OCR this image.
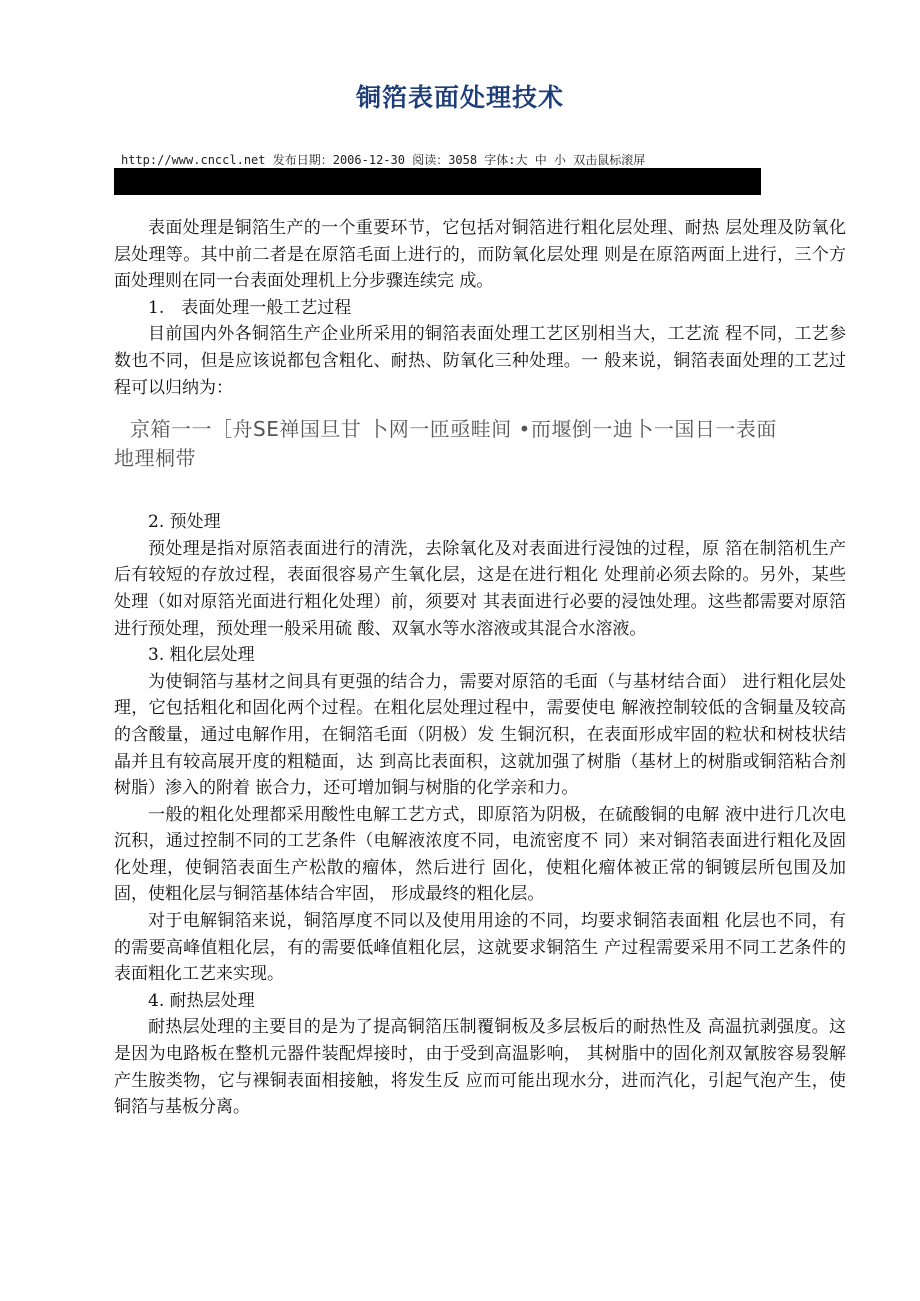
铜箔表面处理技术
http://www.cnccl.net 发布日期：2006-12-30 阅读：3058 字体:大 中 小 双击鼠标滚屏

表面处理是铜箔生产的一个重要环节，它包括对铜箔进行粗化层处理、耐热 层处理及防氧化层处理等。其中前二者是在原箔毛面上进行的，而防氧化层处理 则是在原箔两面上进行，三个方面处理则在同一台表面处理机上分步骤连续完 成。

1.　表面处理一般工艺过程

目前国内外各铜箔生产企业所采用的铜箔表面处理工艺区别相当大，工艺流 程不同，工艺参数也不同，但是应该说都包含粗化、耐热、防氧化三种处理。一 般来说，铜箔表面处理的工艺过程可以归纳为：

京箱一一［舟SE禅国旦甘 卜网一匝亟畦间 •而堰倒一迪卜一国日一表面
地理桐带
2. 预处理

预处理是指对原箔表面进行的清洗，去除氧化及对表面进行浸蚀的过程，原 箔在制箔机生产后有较短的存放过程，表面很容易产生氧化层，这是在进行粗化 处理前必须去除的。另外，某些处理（如对原箔光面进行粗化处理）前，须要对 其表面进行必要的浸蚀处理。这些都需要对原箔进行预处理，预处理一般采用硫 酸、双氧水等水溶液或其混合水溶液。

3. 粗化层处理

为使铜箔与基材之间具有更强的结合力，需要对原箔的毛面（与基材结合面） 进行粗化层处理，它包括粗化和固化两个过程。在粗化层处理过程中，需要使电 解液控制较低的含铜量及较高的含酸量，通过电解作用，在铜箔毛面（阴极）发 生铜沉积，在表面形成牢固的粒状和树枝状结晶并且有较高展开度的粗糙面，达 到高比表面积，这就加强了树脂（基材上的树脂或铜箔粘合剂树脂）渗入的附着 嵌合力，还可增加铜与树脂的化学亲和力。

一般的粗化处理都采用酸性电解工艺方式，即原箔为阴极，在硫酸铜的电解 液中进行几次电沉积，通过控制不同的工艺条件（电解液浓度不同，电流密度不 同）来对铜箔表面进行粗化及固化处理，使铜箔表面生产松散的瘤体，然后进行 固化，使粗化瘤体被正常的铜镀层所包围及加固，使粗化层与铜箔基体结合牢固， 形成最终的粗化层。

对于电解铜箔来说，铜箔厚度不同以及使用用途的不同，均要求铜箔表面粗 化层也不同，有的需要高峰值粗化层，有的需要低峰值粗化层，这就要求铜箔生 产过程需要采用不同工艺条件的表面粗化工艺来实现。

4. 耐热层处理

耐热层处理的主要目的是为了提高铜箔压制覆铜板及多层板后的耐热性及 高温抗剥强度。这是因为电路板在整机元器件装配焊接时，由于受到高温影响， 其树脂中的固化剂双氰胺容易裂解产生胺类物，它与裸铜表面相接触，将发生反 应而可能出现水分，进而汽化，引起气泡产生，使铜箔与基板分离。
